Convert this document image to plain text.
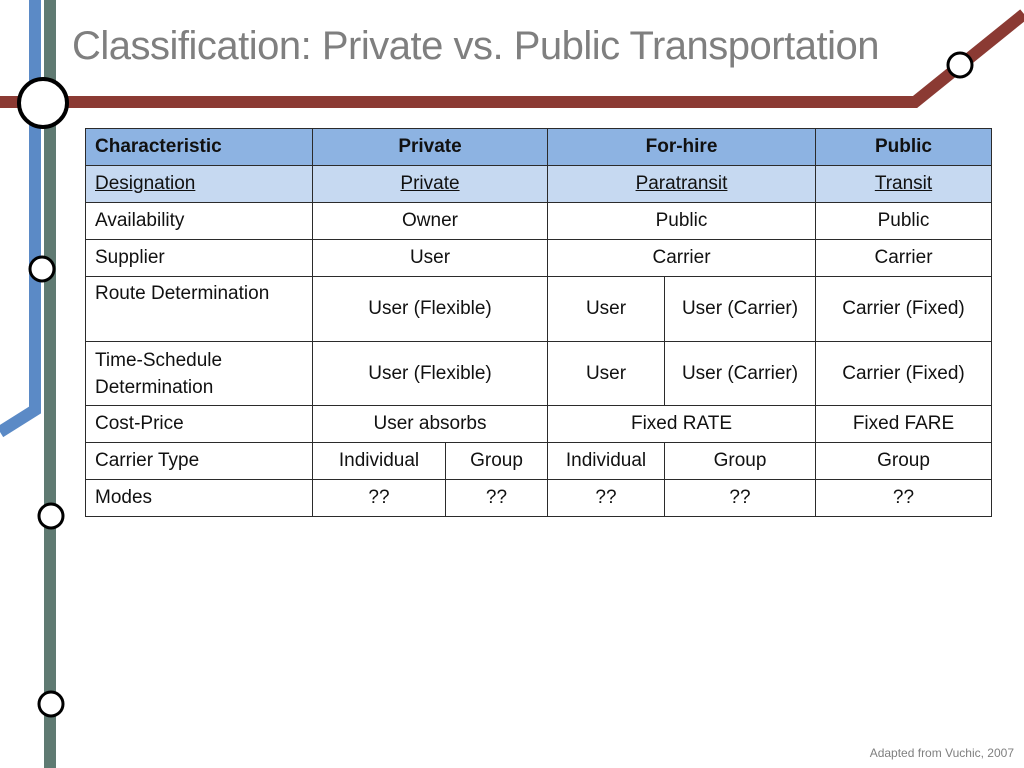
Classification: Private vs. Public Transportation
Characteristic	Private		For-hire		Public
Designation	Private		Paratransit		Transit
Availability	Owner		Public		Public
Supplier	User		Carrier		Carrier
Route Determination	User (Flexible)		User	User (Carrier)	Carrier (Fixed)
Time-Schedule Determination	User (Flexible)		User	User (Carrier)	Carrier (Fixed)
Cost-Price	User absorbs		Fixed RATE		Fixed FARE
Carrier Type	Individual	Group	Individual	Group	Group
Modes	??	??	??	??	??
Adapted from Vuchic, 2007
